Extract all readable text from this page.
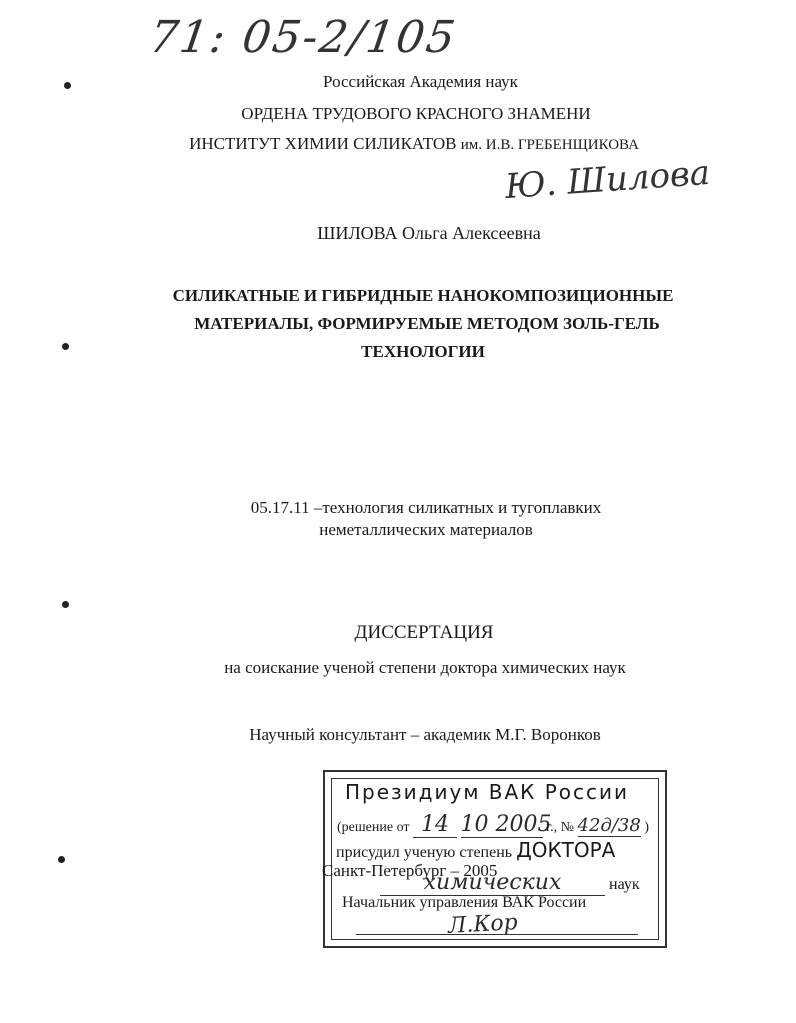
71: 05-2/105
Российская Академия наук
ОРДЕНА ТРУДОВОГО КРАСНОГО ЗНАМЕНИ
ИНСТИТУТ ХИМИИ СИЛИКАТОВ им. И.В. ГРЕБЕНЩИКОВА
Ю. Шилова
ШИЛОВА Ольга Алексеевна
СИЛИКАТНЫЕ И ГИБРИДНЫЕ НАНОКОМПОЗИЦИОННЫЕ
МАТЕРИАЛЫ, ФОРМИРУЕМЫЕ МЕТОДОМ ЗОЛЬ-ГЕЛЬ
ТЕХНОЛОГИИ
05.17.11 –технология силикатных и тугоплавких
неметаллических материалов
ДИССЕРТАЦИЯ
на соискание ученой степени доктора химических наук
Научный консультант – академик М.Г. Воронков
Президиум ВАК России
(решение от 14 10 2005 г., № 42д/38 )
присудил ученую степень ДОКТОРА
Санкт-Петербург – 2005
химических	наук
Начальник управления ВАК России
Л.Кор
